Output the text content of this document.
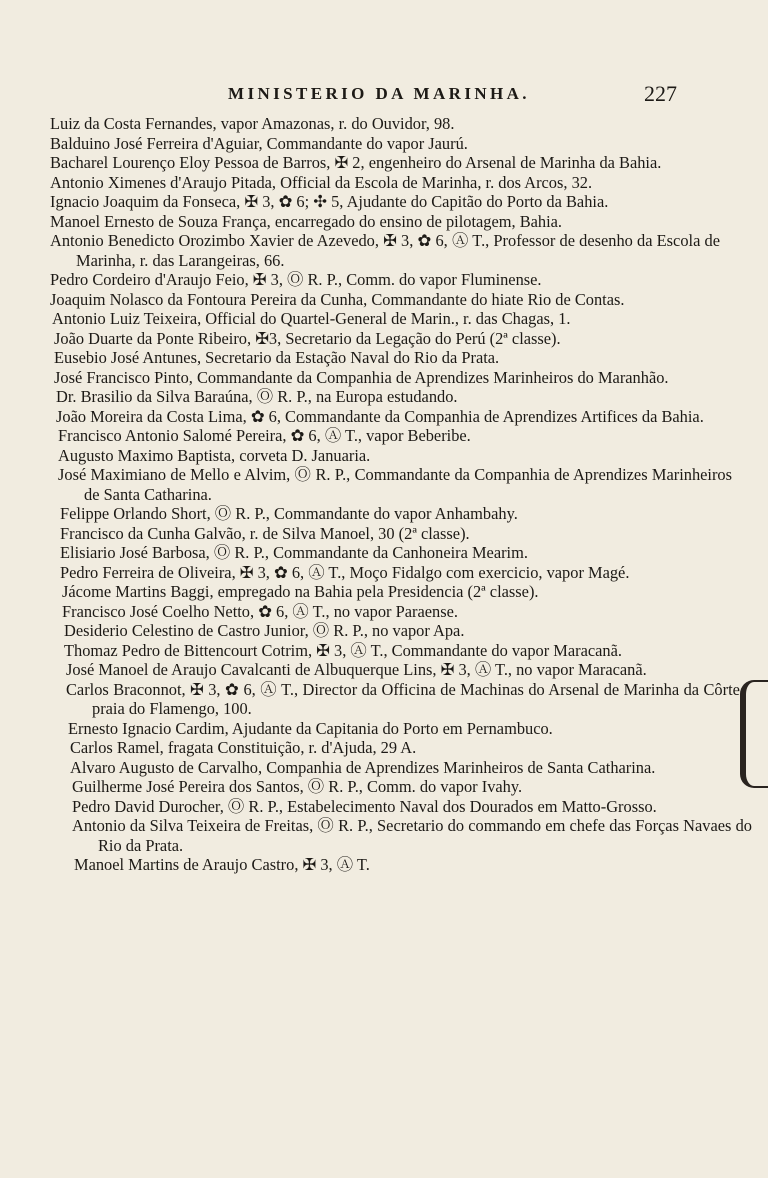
MINISTERIO DA MARINHA.	227

Luiz da Costa Fernandes, vapor Amazonas, r. do Ouvidor, 98.

Balduino José Ferreira d'Aguiar, Commandante do vapor Jaurú.

Bacharel Lourenço Eloy Pessoa de Barros, ✠ 2, engenheiro do Arsenal de Marinha da Bahia.

Antonio Ximenes d'Araujo Pitada, Official da Escola de Marinha, r. dos Arcos, 32.

Ignacio Joaquim da Fonseca, ✠ 3, ✿ 6; ✣ 5, Ajudante do Capitão do Porto da Bahia.

Manoel Ernesto de Souza França, encarregado do ensino de pilotagem, Bahia.

Antonio Benedicto Orozimbo Xavier de Azevedo, ✠ 3, ✿ 6, Ⓐ T., Professor de desenho da Escola de Marinha, r. das Larangeiras, 66.

Pedro Cordeiro d'Araujo Feio, ✠ 3, Ⓞ R. P., Comm. do vapor Fluminense.

Joaquim Nolasco da Fontoura Pereira da Cunha, Commandante do hiate Rio de Contas.

Antonio Luiz Teixeira, Official do Quartel-General de Marin., r. das Chagas, 1.

João Duarte da Ponte Ribeiro, ✠3, Secretario da Legação do Perú (2ª classe).

Eusebio José Antunes, Secretario da Estação Naval do Rio da Prata.

José Francisco Pinto, Commandante da Companhia de Aprendizes Marinheiros do Maranhão.

Dr. Brasilio da Silva Baraúna, Ⓞ R. P., na Europa estudando.

João Moreira da Costa Lima, ✿ 6, Commandante da Companhia de Aprendizes Artifices da Bahia.

Francisco Antonio Salomé Pereira, ✿ 6, Ⓐ T., vapor Beberibe.

Augusto Maximo Baptista, corveta D. Januaria.

José Maximiano de Mello e Alvim, Ⓞ R. P., Commandante da Companhia de Aprendizes Marinheiros de Santa Catharina.

Felippe Orlando Short, Ⓞ R. P., Commandante do vapor Anhambahy.

Francisco da Cunha Galvão, r. de Silva Manoel, 30 (2ª classe).

Elisiario José Barbosa, Ⓞ R. P., Commandante da Canhoneira Mearim.

Pedro Ferreira de Oliveira, ✠ 3, ✿ 6, Ⓐ T., Moço Fidalgo com exercicio, vapor Magé.

Jácome Martins Baggi, empregado na Bahia pela Presidencia (2ª classe).

Francisco José Coelho Netto, ✿ 6, Ⓐ T., no vapor Paraense.

Desiderio Celestino de Castro Junior, Ⓞ R. P., no vapor Apa.

Thomaz Pedro de Bittencourt Cotrim, ✠ 3, Ⓐ T., Commandante do vapor Maracanã.

José Manoel de Araujo Cavalcanti de Albuquerque Lins, ✠ 3, Ⓐ T., no vapor Maracanã.

Carlos Braconnot, ✠ 3, ✿ 6, Ⓐ T., Director da Officina de Machinas do Arsenal de Marinha da Côrte, praia do Flamengo, 100.

Ernesto Ignacio Cardim, Ajudante da Capitania do Porto em Pernambuco.

Carlos Ramel, fragata Constituição, r. d'Ajuda, 29 A.

Alvaro Augusto de Carvalho, Companhia de Aprendizes Marinheiros de Santa Catharina.

Guilherme José Pereira dos Santos, Ⓞ R. P., Comm. do vapor Ivahy.

Pedro David Durocher, Ⓞ R. P., Estabelecimento Naval dos Dourados em Matto-Grosso.

Antonio da Silva Teixeira de Freitas, Ⓞ R. P., Secretario do commando em chefe das Forças Navaes do Rio da Prata.

Manoel Martins de Araujo Castro, ✠ 3, Ⓐ T.
